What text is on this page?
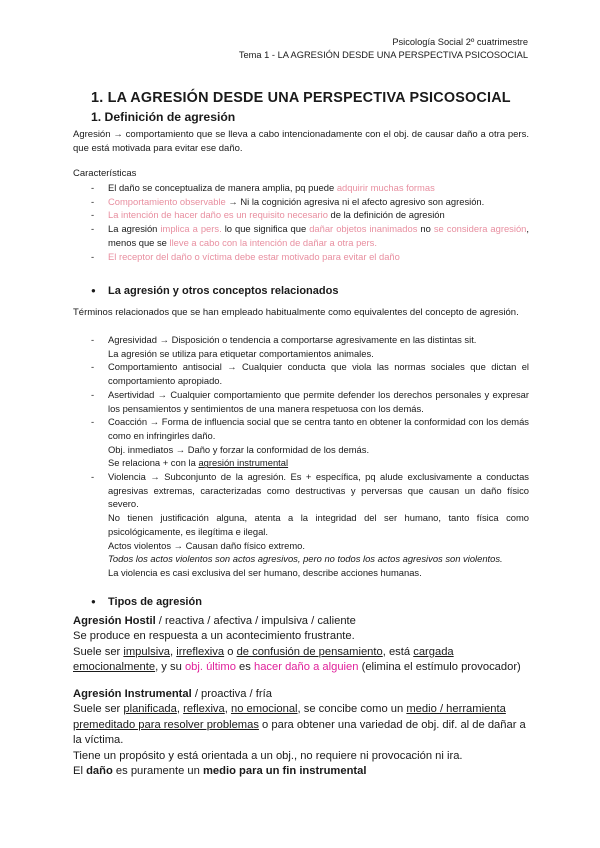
Psicología Social 2º cuatrimestre
Tema 1 - LA AGRESIÓN DESDE UNA PERSPECTIVA PSICOSOCIAL
1. LA AGRESIÓN DESDE UNA PERSPECTIVA PSICOSOCIAL
1. Definición de agresión
Agresión → comportamiento que se lleva a cabo intencionadamente con el obj. de causar daño a otra pers. que está motivada para evitar ese daño.
Características
- El daño se conceptualiza de manera amplia, pq puede adquirir muchas formas
- Comportamiento observable → Ni la cognición agresiva ni el afecto agresivo son agresión.
- La intención de hacer daño es un requisito necesario de la definición de agresión
- La agresión implica a pers. lo que significa que dañar objetos inanimados no se considera agresión, menos que se lleve a cabo con la intención de dañar a otra pers.
- El receptor del daño o víctima debe estar motivado para evitar el daño
● La agresión y otros conceptos relacionados
Términos relacionados que se han empleado habitualmente como equivalentes del concepto de agresión.
- Agresividad → Disposición o tendencia a comportarse agresivamente en las distintas sit.
La agresión se utiliza para etiquetar comportamientos animales.
- Comportamiento antisocial → Cualquier conducta que viola las normas sociales que dictan el comportamiento apropiado.
- Asertividad → Cualquier comportamiento que permite defender los derechos personales y expresar los pensamientos y sentimientos de una manera respetuosa con los demás.
- Coacción → Forma de influencia social que se centra tanto en obtener la conformidad con los demás como en infringirles daño.
Obj. inmediatos → Daño y forzar la conformidad de los demás.
Se relaciona + con la agresión instrumental
- Violencia → Subconjunto de la agresión. Es + específica, pq alude exclusivamente a conductas agresivas extremas, caracterizadas como destructivas y perversas que causan un daño físico severo.
No tienen justificación alguna, atenta a la integridad del ser humano, tanto física como psicológicamente, es ilegítima e ilegal.
Actos violentos → Causan daño físico extremo.
Todos los actos violentos son actos agresivos, pero no todos los actos agresivos son violentos.
La violencia es casi exclusiva del ser humano, describe acciones humanas.
● Tipos de agresión
Agresión Hostil / reactiva / afectiva / impulsiva / caliente
Se produce en respuesta a un acontecimiento frustrante.
Suele ser impulsiva, irreflexiva o de confusión de pensamiento, está cargada emocionalmente, y su obj. último es hacer daño a alguien (elimina el estímulo provocador)
Agresión Instrumental / proactiva / fría
Suele ser planificada, reflexiva, no emocional, se concibe como un medio / herramienta premeditado para resolver problemas o para obtener una variedad de obj. dif. al de dañar a la víctima.
Tiene un propósito y está orientada a un obj., no requiere ni provocación ni ira.
El daño es puramente un medio para un fin instrumental
